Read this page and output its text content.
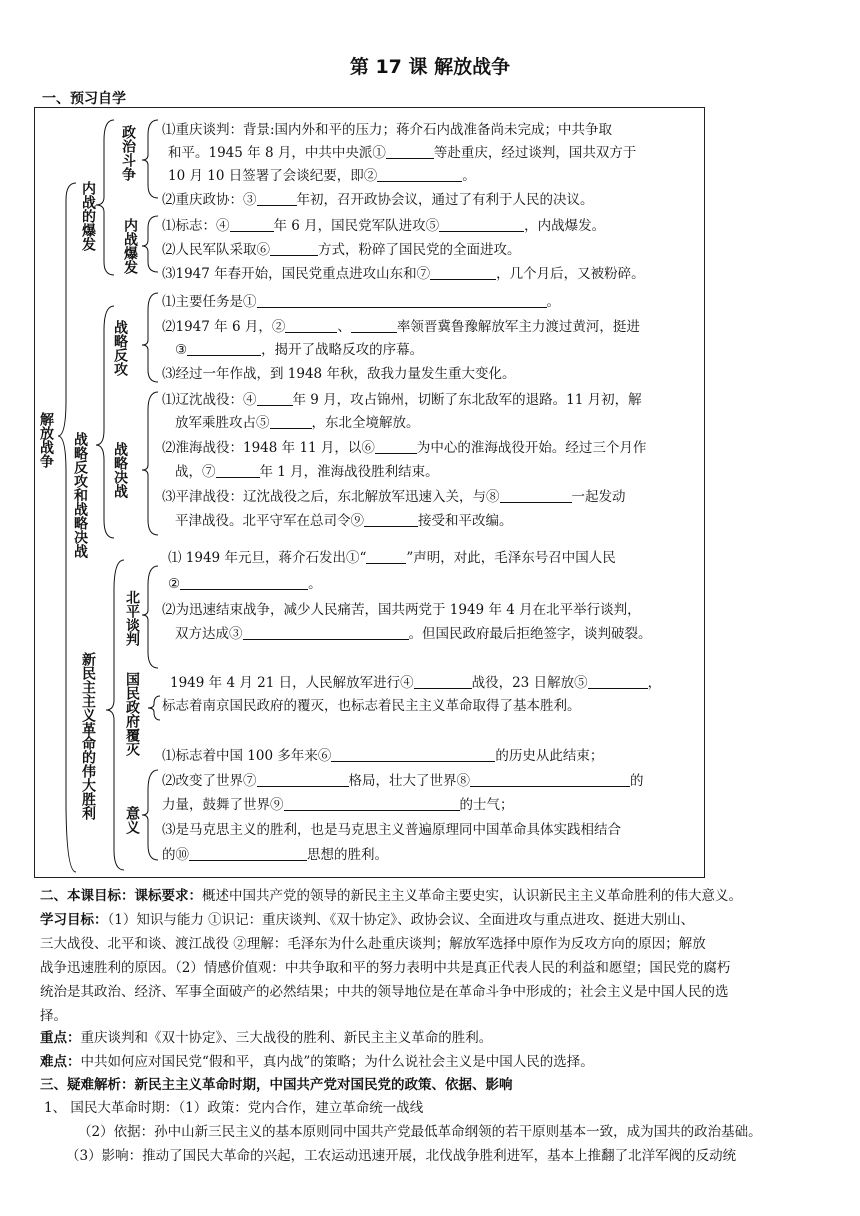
第 17 课 解放战争
一、预习自学
解放战争
内战的爆发
政治斗争
内战爆发
战略反攻和战略决战
战略反攻
战略决战
新民主主义革命的伟大胜利
北平谈判
国民政府覆灭
意义
⑴重庆谈判：背景:国内外和平的压力；蒋介石内战准备尚未完成；中共争取
和平。1945 年 8 月，中共中央派①	等赴重庆，经过谈判，国共双方于
10 月 10 日签署了会谈纪要，即②	。
⑵重庆政协：③	年初，召开政协会议，通过了有利于人民的决议。
⑴标志：④	年 6 月，国民党军队进攻⑤	，内战爆发。
⑵人民军队采取⑥	方式，粉碎了国民党的全面进攻。
⑶1947 年春开始，国民党重点进攻山东和⑦	，几个月后，又被粉碎。
⑴主要任务是①	。
⑵1947 年 6 月，②	、	率领晋冀鲁豫解放军主力渡过黄河，挺进
③	，揭开了战略反攻的序幕。
⑶经过一年作战，到 1948 年秋，敌我力量发生重大变化。
⑴辽沈战役：④	年 9 月，攻占锦州，切断了东北敌军的退路。11 月初，解
放军乘胜攻占⑤	，东北全境解放。
⑵淮海战役：1948 年 11 月，以⑥	为中心的淮海战役开始。经过三个月作
战，⑦	年 1 月，淮海战役胜利结束。
⑶平津战役：辽沈战役之后，东北解放军迅速入关，与⑧	一起发动
平津战役。北平守军在总司令⑨	接受和平改编。
⑴ 1949 年元旦，蒋介石发出①“	”声明，对此，毛泽东号召中国人民
②	。
⑵为迅速结束战争，减少人民痛苦，国共两党于 1949 年 4 月在北平举行谈判，
双方达成③	。但国民政府最后拒绝签字，谈判破裂。
1949 年 4 月 21 日，人民解放军进行④	战役，23 日解放⑤	，
标志着南京国民政府的覆灭，也标志着民主主义革命取得了基本胜利。
⑴标志着中国 100 多年来⑥	的历史从此结束；
⑵改变了世界⑦	格局，壮大了世界⑧	的
力量，鼓舞了世界⑨	的士气；
⑶是马克思主义的胜利，也是马克思主义普遍原理同中国革命具体实践相结合
的⑩	思想的胜利。
二、本课目标：课标要求：概述中国共产党的领导的新民主主义革命主要史实，认识新民主主义革命胜利的伟大意义。
学习目标：（1）知识与能力 ①识记：重庆谈判、《双十协定》、政协会议、全面进攻与重点进攻、挺进大别山、
三大战役、北平和谈、渡江战役 ②理解：毛泽东为什么赴重庆谈判；解放军选择中原作为反攻方向的原因；解放
战争迅速胜利的原因。（2）情感价值观：中共争取和平的努力表明中共是真正代表人民的利益和愿望；国民党的腐朽
统治是其政治、经济、军事全面破产的必然结果；中共的领导地位是在革命斗争中形成的；社会主义是中国人民的选
择。
重点：重庆谈判和《双十协定》、三大战役的胜利、新民主主义革命的胜利。
难点：中共如何应对国民党“假和平，真内战”的策略；为什么说社会主义是中国人民的选择。
三、疑难解析：新民主主义革命时期，中国共产党对国民党的政策、依据、影响
1、 国民大革命时期：（1）政策：党内合作，建立革命统一战线
（2）依据：孙中山新三民主义的基本原则同中国共产党最低革命纲领的若干原则基本一致，成为国共的政治基础。
（3）影响：推动了国民大革命的兴起，工农运动迅速开展，北伐战争胜利进军，基本上推翻了北洋军阀的反动统
